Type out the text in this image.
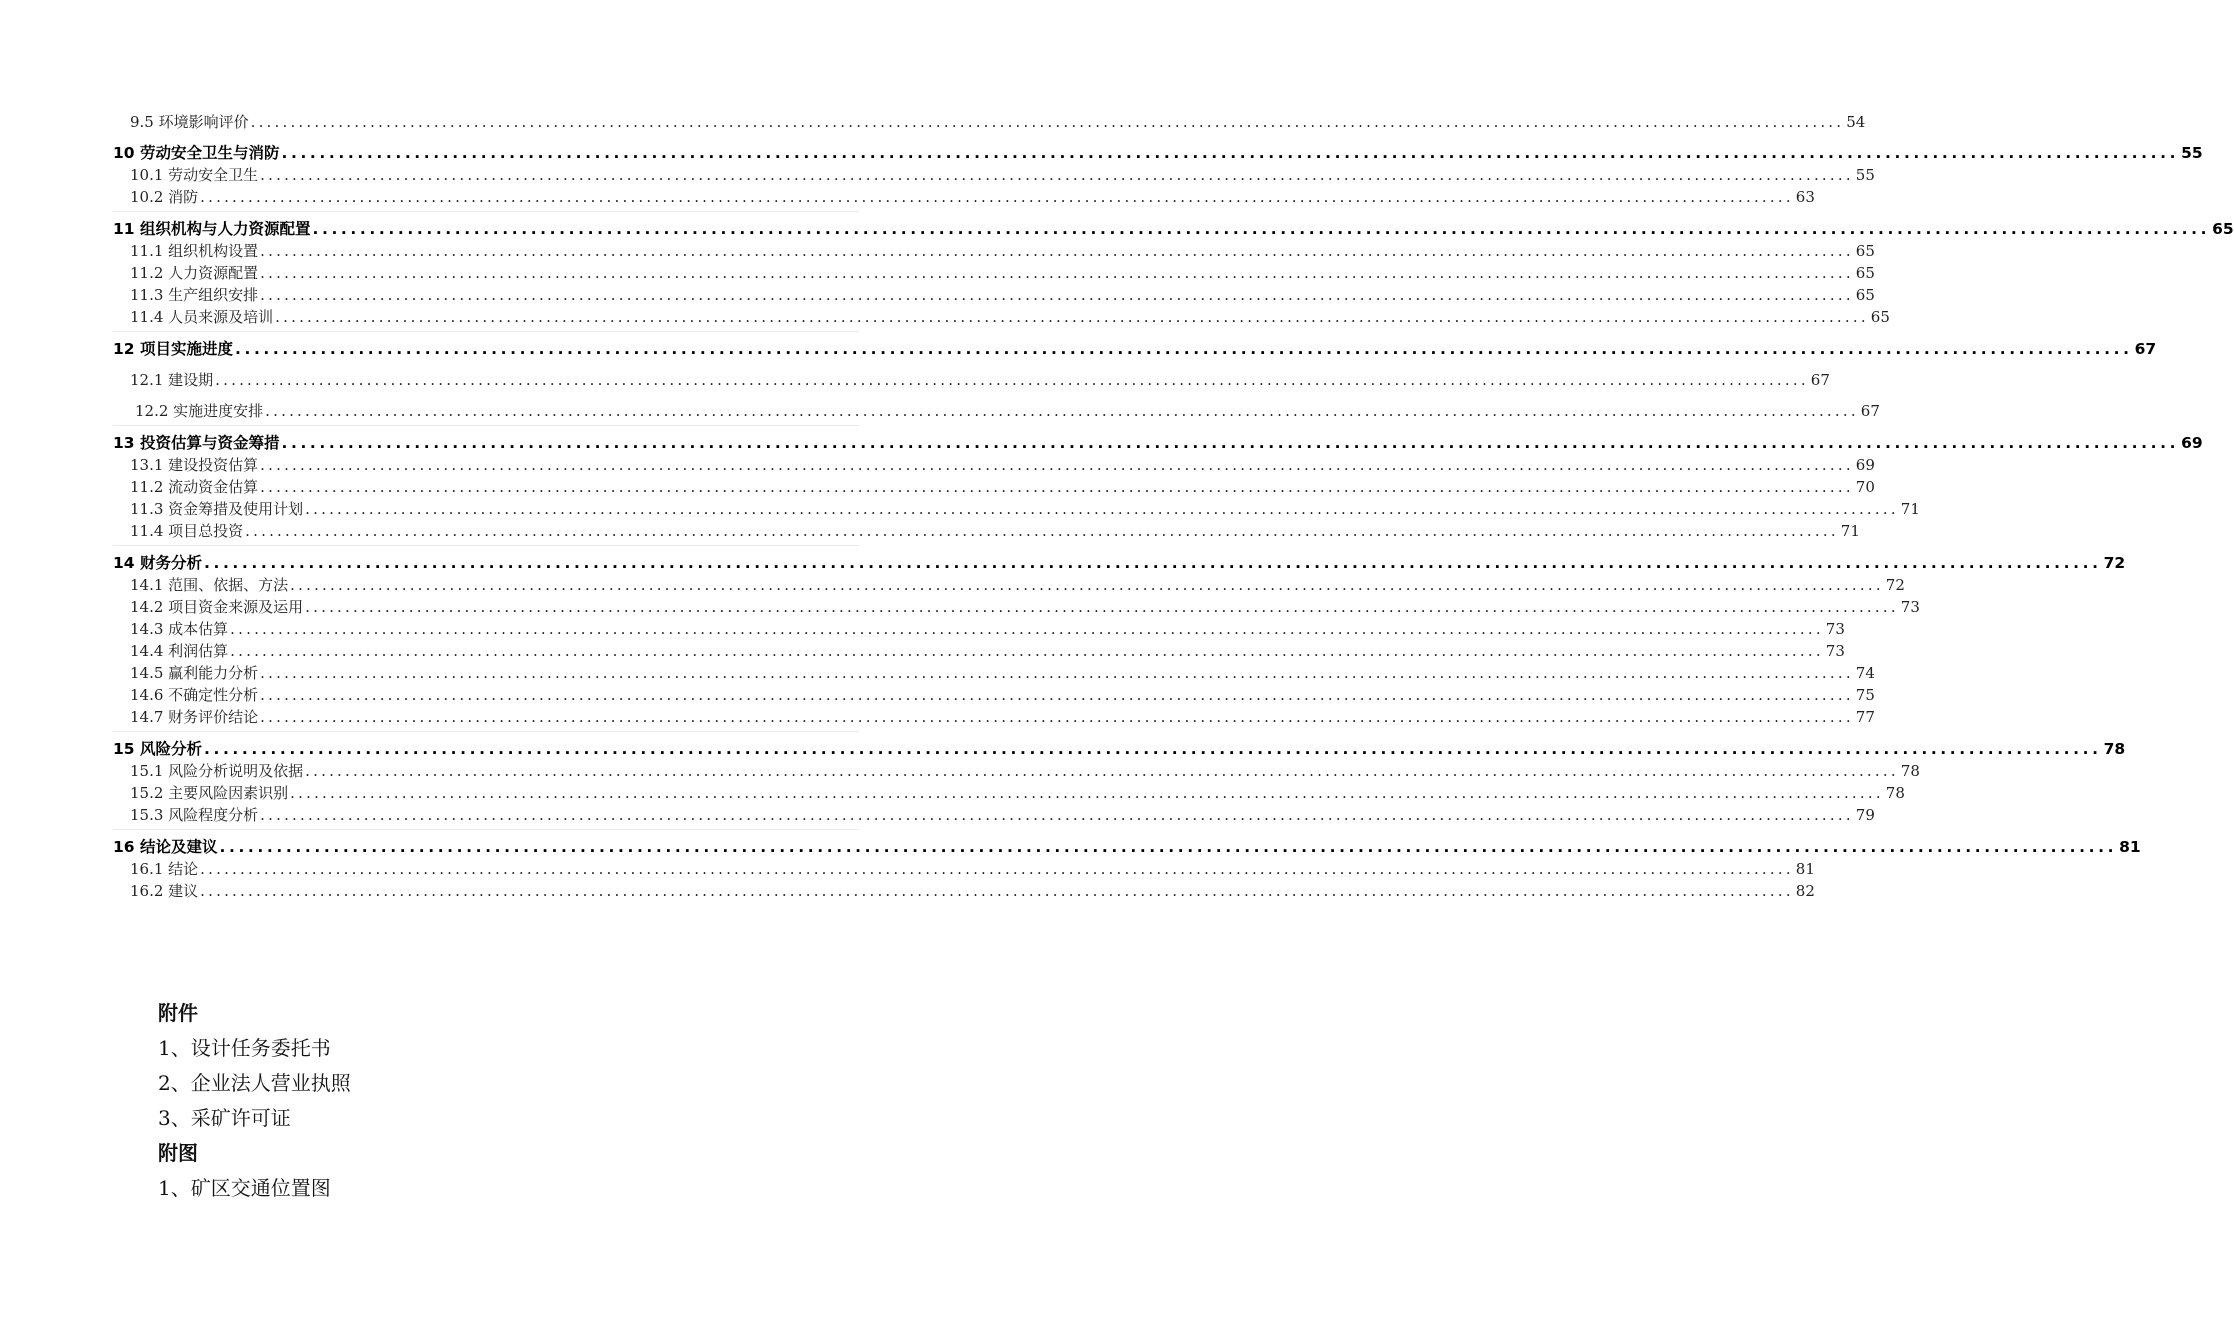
9.5 环境影响评价 ........................................................................................................................................................................................................ 54
10 劳动安全卫生与消防 ........................................................................................................................................................................................................ 55
10.1 劳动安全卫生 ........................................................................................................................................................................................................ 55
10.2 消防 ........................................................................................................................................................................................................ 63
11 组织机构与人力资源配置 ........................................................................................................................................................................................................ 65
11.1 组织机构设置 ........................................................................................................................................................................................................ 65
11.2 人力资源配置 ........................................................................................................................................................................................................ 65
11.3 生产组织安排 ........................................................................................................................................................................................................ 65
11.4 人员来源及培训 ........................................................................................................................................................................................................ 65
12 项目实施进度 ........................................................................................................................................................................................................ 67
12.1 建设期 ........................................................................................................................................................................................................ 67
12.2 实施进度安排 ........................................................................................................................................................................................................ 67
13 投资估算与资金筹措 ........................................................................................................................................................................................................ 69
13.1 建设投资估算 ........................................................................................................................................................................................................ 69
11.2 流动资金估算 ........................................................................................................................................................................................................ 70
11.3 资金筹措及使用计划 ........................................................................................................................................................................................................ 71
11.4 项目总投资 ........................................................................................................................................................................................................ 71
14 财务分析 ........................................................................................................................................................................................................ 72
14.1 范围、依据、方法 ........................................................................................................................................................................................................ 72
14.2 项目资金来源及运用 ........................................................................................................................................................................................................ 73
14.3 成本估算 ........................................................................................................................................................................................................ 73
14.4 利润估算 ........................................................................................................................................................................................................ 73
14.5 赢利能力分析 ........................................................................................................................................................................................................ 74
14.6 不确定性分析 ........................................................................................................................................................................................................ 75
14.7 财务评价结论 ........................................................................................................................................................................................................ 77
15 风险分析 ........................................................................................................................................................................................................ 78
15.1 风险分析说明及依据 ........................................................................................................................................................................................................ 78
15.2 主要风险因素识别 ........................................................................................................................................................................................................ 78
15.3 风险程度分析 ........................................................................................................................................................................................................ 79
16 结论及建议 ........................................................................................................................................................................................................ 81
16.1 结论 ........................................................................................................................................................................................................ 81
16.2 建议 ........................................................................................................................................................................................................ 82
附件
1、设计任务委托书
2、企业法人营业执照
3、采矿许可证
附图
1、矿区交通位置图
